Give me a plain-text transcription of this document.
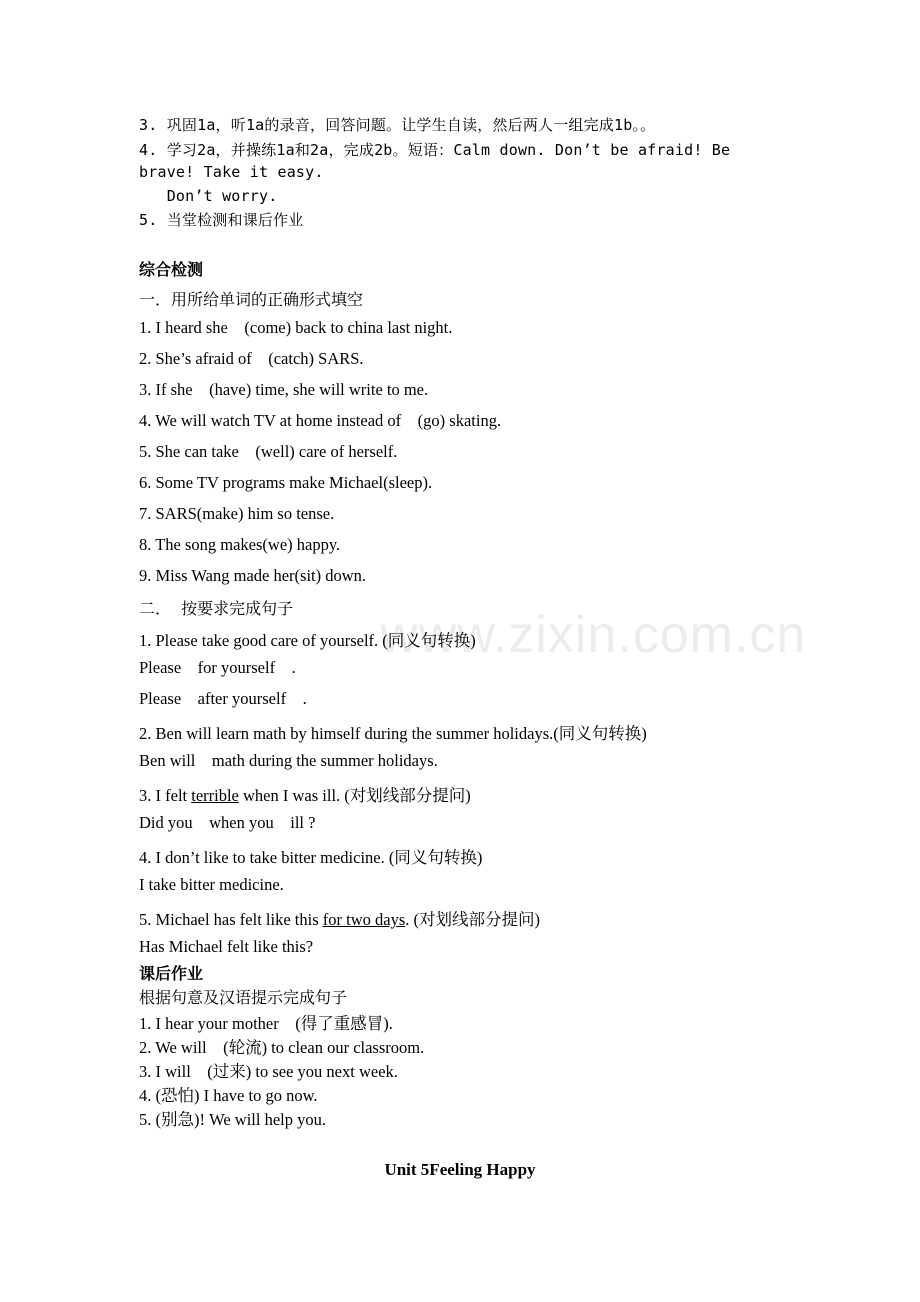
www.zixin.com.cn
3. 巩固1a，听1a的录音，回答问题。让学生自读，然后两人一组完成1b。。
4. 学习2a，并操练1a和2a，完成2b。短语：Calm down. Don’t be afraid! Be
brave! Take it easy.
Don’t worry.
5. 当堂检测和课后作业
综合检测
一．用所给单词的正确形式填空
1. I heard she    (come) back to china last night.
2. She’s afraid of    (catch) SARS.
3. If she    (have) time, she will write to me.
4. We will watch TV at home instead of    (go) skating.
5. She can take    (well) care of herself.
6. Some TV programs make Michael(sleep).
7. SARS(make) him so tense.
8. The song makes(we) happy.
9. Miss Wang made her(sit) down.
二．  按要求完成句子
1. Please take good care of yourself. (同义句转换)
Please    for yourself    .
Please    after yourself    .
2. Ben will learn math by himself during the summer holidays.(同义句转换)
Ben will    math during the summer holidays.
3. I felt terrible when I was ill. (对划线部分提问)
Did you    when you    ill ?
4. I don’t like to take bitter medicine. (同义句转换)
I take bitter medicine.
5. Michael has felt like this for two days. (对划线部分提问)
Has Michael felt like this?
课后作业
根据句意及汉语提示完成句子
1. I hear your mother    (得了重感冒).
2. We will    (轮流) to clean our classroom.
3. I will    (过来) to see you next week.
4. (恐怕) I have to go now.
5. (别急)! We will help you.
Unit 5Feeling Happy
